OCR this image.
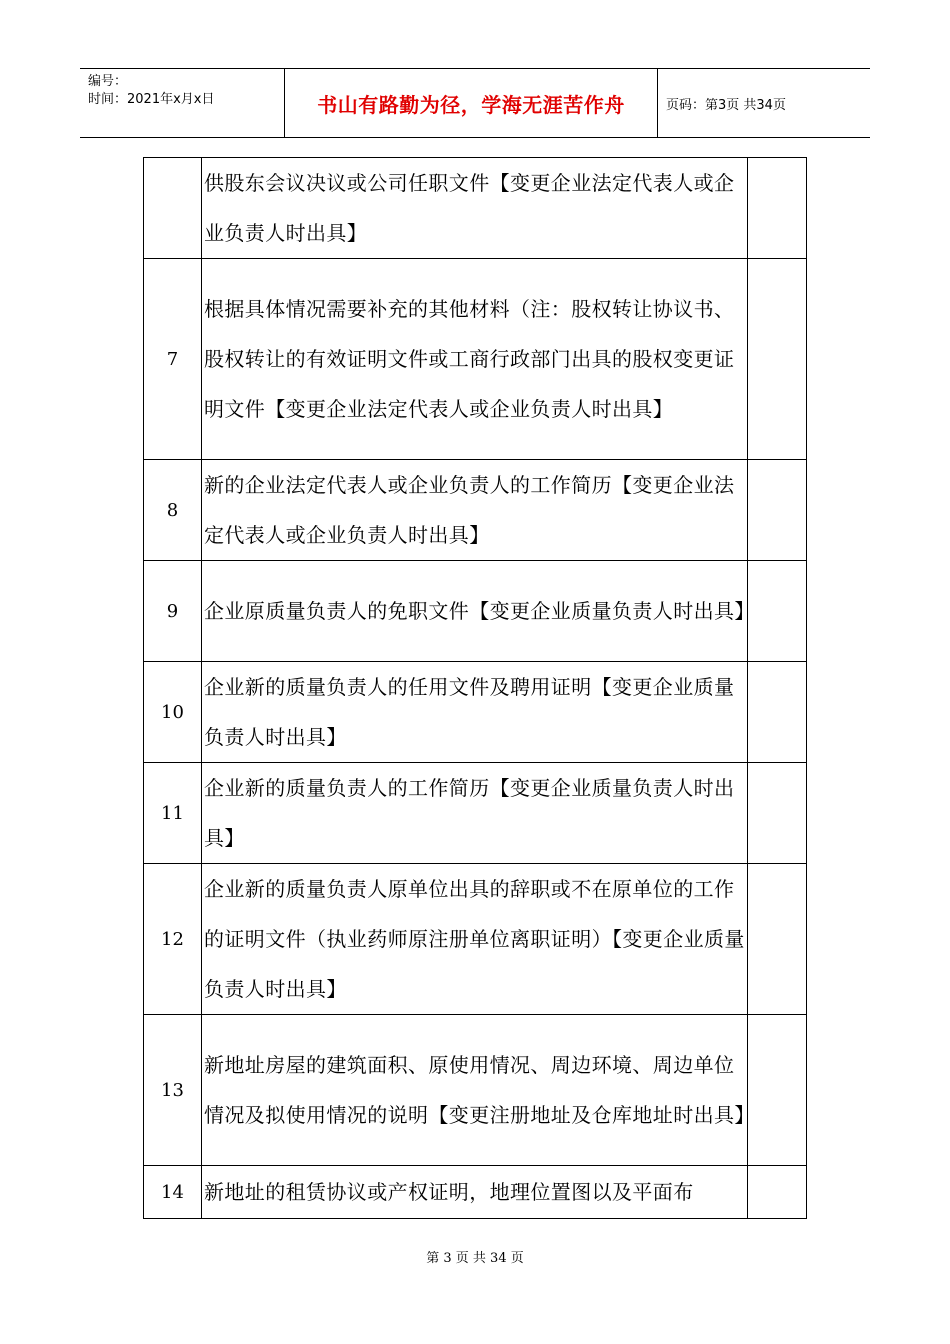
编号：
时间：2021年x月x日	书山有路勤为径，学海无涯苦作舟	页码：第3页 共34页

	供股东会议决议或公司任职文件【变更企业法定代表人或企业负责人时出具】	

7	根据具体情况需要补充的其他材料（注：股权转让协议书、股权转让的有效证明文件或工商行政部门出具的股权变更证明文件【变更企业法定代表人或企业负责人时出具】	

8	新的企业法定代表人或企业负责人的工作简历【变更企业法定代表人或企业负责人时出具】	

9	企业原质量负责人的免职文件【变更企业质量负责人时出具】	

10	企业新的质量负责人的任用文件及聘用证明【变更企业质量负责人时出具】	

11	企业新的质量负责人的工作简历【变更企业质量负责人时出具】	

12	企业新的质量负责人原单位出具的辞职或不在原单位的工作的证明文件（执业药师原注册单位离职证明）【变更企业质量负责人时出具】	

13	新地址房屋的建筑面积、原使用情况、周边环境、周边单位情况及拟使用情况的说明【变更注册地址及仓库地址时出具】	

14	新地址的租赁协议或产权证明，地理位置图以及平面布	

第 3 页 共 34 页
